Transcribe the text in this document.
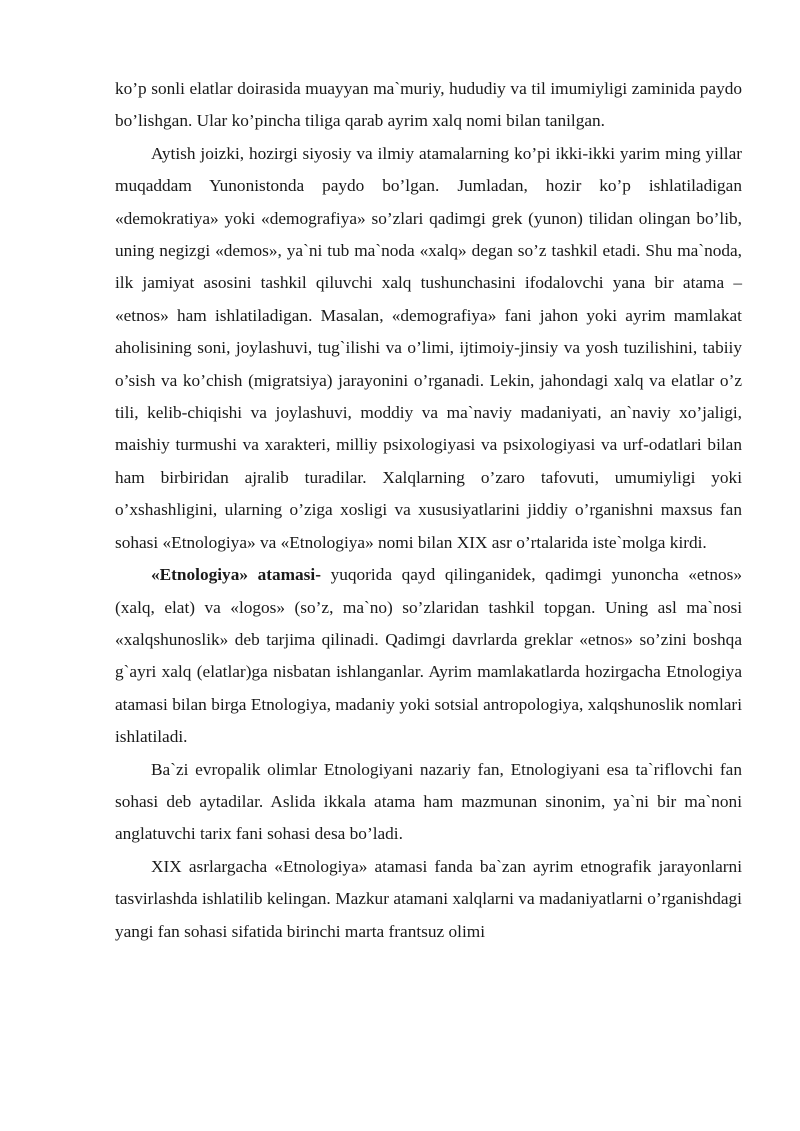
ko’p sonli elatlar doirasida muayyan ma`muriy, hududiy va til imumiyligi zaminida paydo bo’lishgan. Ular ko’pincha tiliga qarab ayrim xalq nomi bilan tanilgan.

Aytish joizki, hozirgi siyosiy va ilmiy atamalarning ko’pi ikki-ikki yarim ming yillar muqaddam Yunonistonda paydo bo’lgan. Jumladan, hozir ko’p ishlatiladigan «demokratiya» yoki «demografiya» so’zlari qadimgi grek (yunon) tilidan olingan bo’lib, uning negizgi «demos», ya`ni tub ma`noda «xalq» degan so’z tashkil etadi. Shu ma`noda, ilk jamiyat asosini tashkil qiluvchi xalq tushunchasini ifodalovchi yana bir atama – «etnos» ham ishlatiladigan. Masalan, «demografiya» fani jahon yoki ayrim mamlakat aholisining soni, joylashuvi, tug`ilishi va o’limi, ijtimoiy-jinsiy va yosh tuzilishini, tabiiy o’sish va ko’chish (migratsiya) jarayonini o’rganadi. Lekin, jahondagi xalq va elatlar o’z tili, kelib-chiqishi va joylashuvi, moddiy va ma`naviy madaniyati, an`naviy xo’jaligi, maishiy turmushi va xarakteri, milliy psixologiyasi va psixologiyasi va urf-odatlari bilan ham birbiridan ajralib turadilar. Xalqlarning o’zaro tafovuti, umumiyligi yoki o’xshashligini, ularning o’ziga xosligi va xususiyatlarini jiddiy o’rganishni maxsus fan sohasi «Etnologiya» va «Etnologiya» nomi bilan XIX asr o’rtalarida iste`molga kirdi.

«Etnologiya» atamasi- yuqorida qayd qilinganidek, qadimgi yunoncha «etnos» (xalq, elat) va «logos» (so’z, ma`no) so’zlaridan tashkil topgan. Uning asl ma`nosi «xalqshunoslik» deb tarjima qilinadi. Qadimgi davrlarda greklar «etnos» so’zini boshqa g`ayri xalq (elatlar)ga nisbatan ishlanganlar. Ayrim mamlakatlarda hozirgacha Etnologiya atamasi bilan birga Etnologiya, madaniy yoki sotsial antropologiya, xalqshunoslik nomlari ishlatiladi.

Ba`zi evropalik olimlar Etnologiyani nazariy fan, Etnologiyani esa ta`riflovchi fan sohasi deb aytadilar. Aslida ikkala atama ham mazmunan sinonim, ya`ni bir ma`noni anglatuvchi tarix fani sohasi desa bo’ladi.

XIX asrlargacha «Etnologiya» atamasi fanda ba`zan ayrim etnografik jarayonlarni tasvirlashda ishlatilib kelingan. Mazkur atamani xalqlarni va madaniyatlarni o’rganishdagi yangi fan sohasi sifatida birinchi marta frantsuz olimi
